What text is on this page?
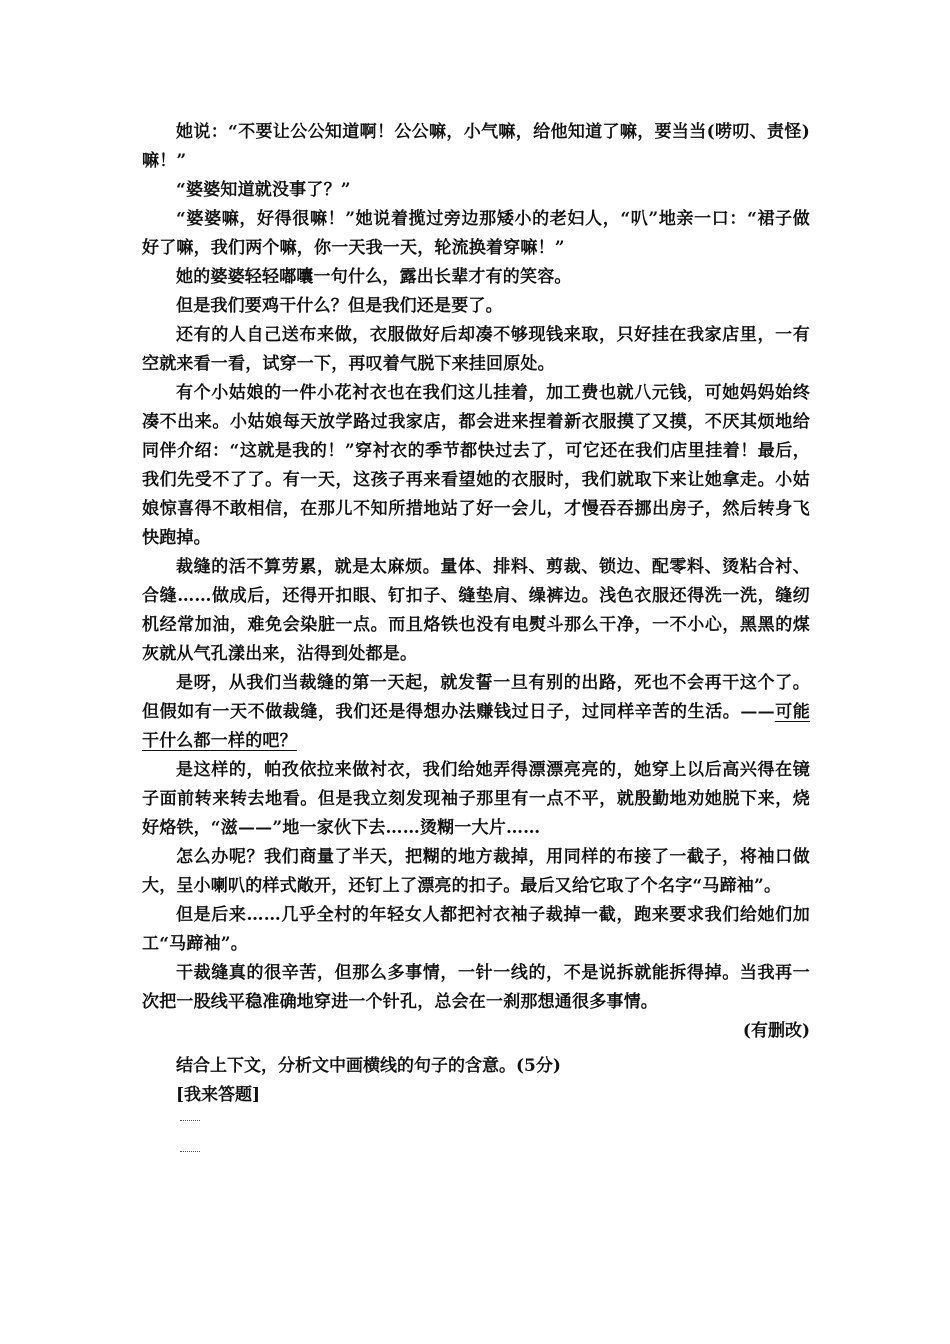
她说：“不要让公公知道啊！公公嘛，小气嘛，给他知道了嘛，要当当(唠叨、责怪)嘛！”

“婆婆知道就没事了？”

“婆婆嘛，好得很嘛！”她说着揽过旁边那矮小的老妇人，“叭”地亲一口：“裙子做好了嘛，我们两个嘛，你一天我一天，轮流换着穿嘛！”

她的婆婆轻轻嘟囔一句什么，露出长辈才有的笑容。

但是我们要鸡干什么？但是我们还是要了。

还有的人自己送布来做，衣服做好后却凑不够现钱来取，只好挂在我家店里，一有空就来看一看，试穿一下，再叹着气脱下来挂回原处。

有个小姑娘的一件小花衬衣也在我们这儿挂着，加工费也就八元钱，可她妈妈始终凑不出来。小姑娘每天放学路过我家店，都会进来捏着新衣服摸了又摸，不厌其烦地给同伴介绍：“这就是我的！”穿衬衣的季节都快过去了，可它还在我们店里挂着！最后，我们先受不了了。有一天，这孩子再来看望她的衣服时，我们就取下来让她拿走。小姑娘惊喜得不敢相信，在那儿不知所措地站了好一会儿，才慢吞吞挪出房子，然后转身飞快跑掉。

裁缝的活不算劳累，就是太麻烦。量体、排料、剪裁、锁边、配零料、烫粘合衬、合缝……做成后，还得开扣眼、钉扣子、缝垫肩、缲裤边。浅色衣服还得洗一洗，缝纫机经常加油，难免会染脏一点。而且烙铁也没有电熨斗那么干净，一不小心，黑黑的煤灰就从气孔漾出来，沾得到处都是。

是呀，从我们当裁缝的第一天起，就发誓一旦有别的出路，死也不会再干这个了。但假如有一天不做裁缝，我们还是得想办法赚钱过日子，过同样辛苦的生活。——可能干什么都一样的吧？

是这样的，帕孜依拉来做衬衣，我们给她弄得漂漂亮亮的，她穿上以后高兴得在镜子面前转来转去地看。但是我立刻发现袖子那里有一点不平，就殷勤地劝她脱下来，烧好烙铁，“滋——”地一家伙下去……烫糊一大片……

怎么办呢？我们商量了半天，把糊的地方裁掉，用同样的布接了一截子，将袖口做大，呈小喇叭的样式敞开，还钉上了漂亮的扣子。最后又给它取了个名字“马蹄袖”。

但是后来……几乎全村的年轻女人都把衬衣袖子裁掉一截，跑来要求我们给她们加工“马蹄袖”。

干裁缝真的很辛苦，但那么多事情，一针一线的，不是说拆就能拆得掉。当我再一次把一股线平稳准确地穿进一个针孔，总会在一刹那想通很多事情。

(有删改)

结合上下文，分析文中画横线的句子的含意。(5分)

[我来答题]
